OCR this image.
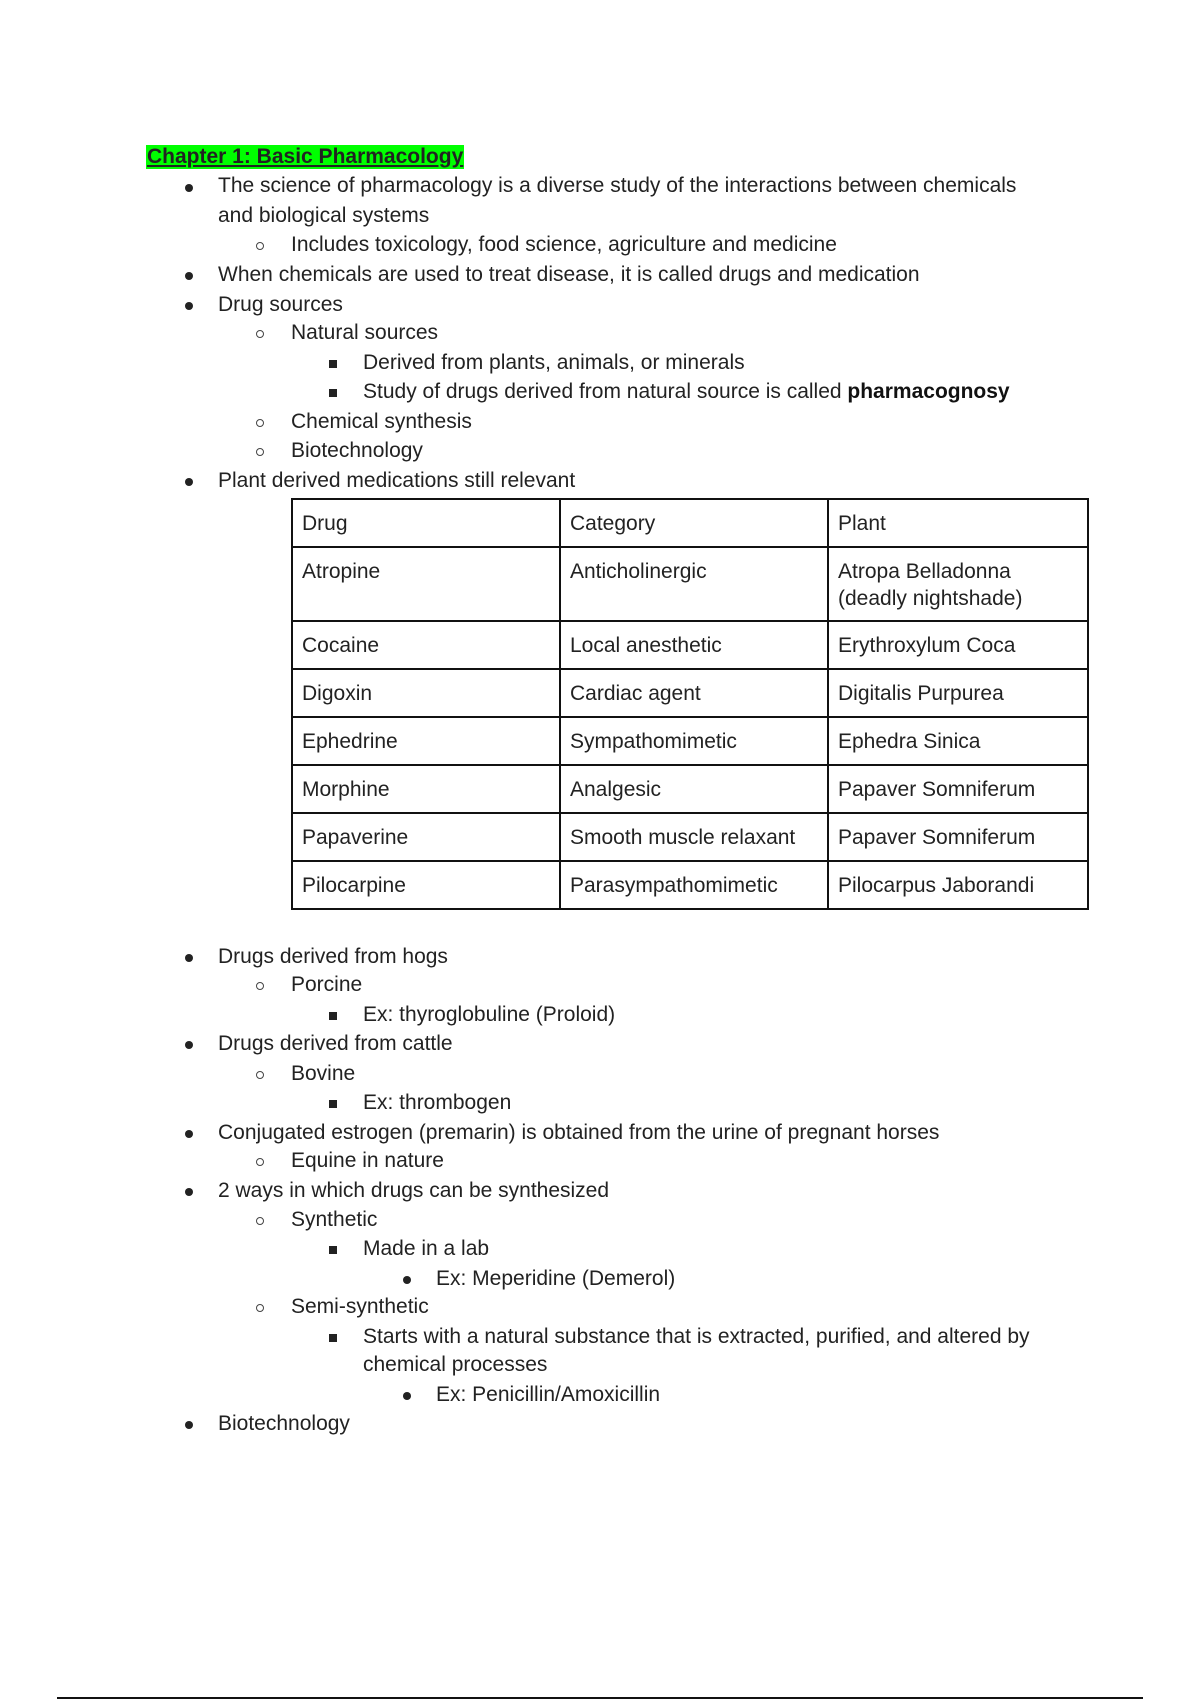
Chapter 1: Basic Pharmacology
The science of pharmacology is a diverse study of the interactions between chemicals
and biological systems
Includes toxicology, food science, agriculture and medicine
When chemicals are used to treat disease, it is called drugs and medication
Drug sources
Natural sources
Derived from plants, animals, or minerals
Study of drugs derived from natural source is called pharmacognosy
Chemical synthesis
Biotechnology
Plant derived medications still relevant
Drug	Category	Plant
Atropine	Anticholinergic	Atropa Belladonna
(deadly nightshade)
Cocaine	Local anesthetic	Erythroxylum Coca
Digoxin	Cardiac agent	Digitalis Purpurea
Ephedrine	Sympathomimetic	Ephedra Sinica
Morphine	Analgesic	Papaver Somniferum
Papaverine	Smooth muscle relaxant	Papaver Somniferum
Pilocarpine	Parasympathomimetic	Pilocarpus Jaborandi
Drugs derived from hogs
Porcine
Ex: thyroglobuline (Proloid)
Drugs derived from cattle
Bovine
Ex: thrombogen
Conjugated estrogen (premarin) is obtained from the urine of pregnant horses
Equine in nature
2 ways in which drugs can be synthesized
Synthetic
Made in a lab
Ex: Meperidine (Demerol)
Semi-synthetic
Starts with a natural substance that is extracted, purified, and altered by
chemical processes
Ex: Penicillin/Amoxicillin
Biotechnology
